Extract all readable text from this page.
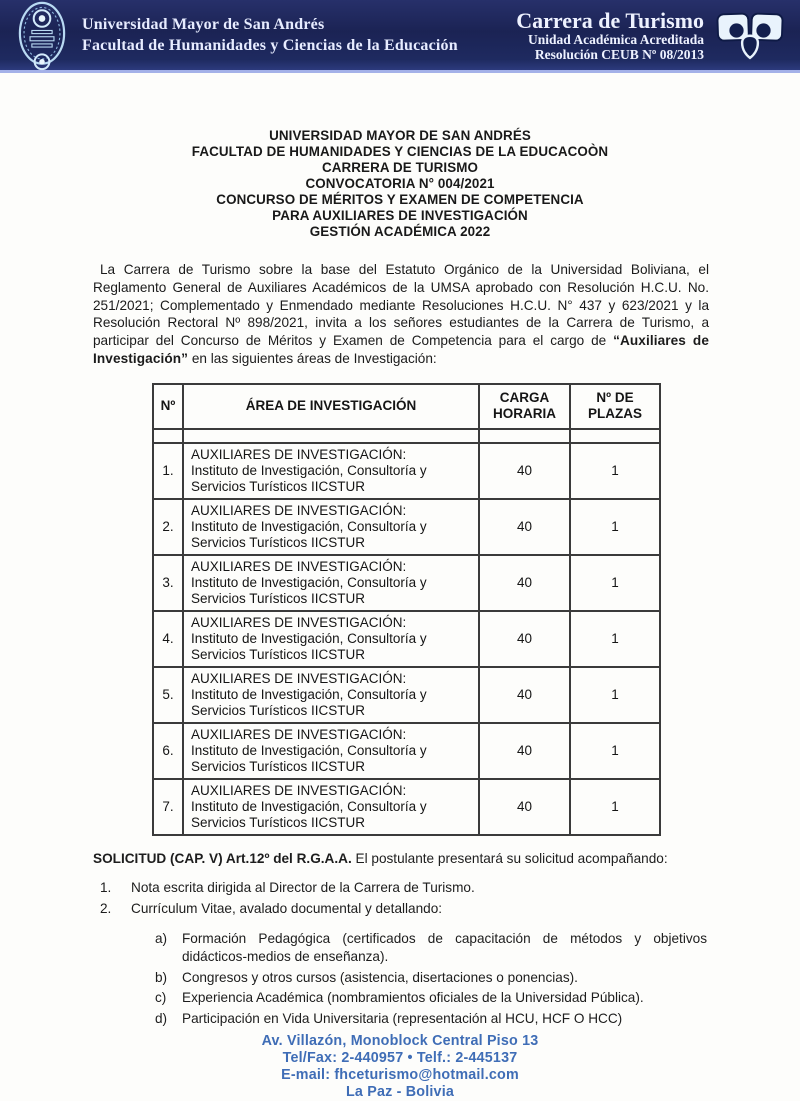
Universidad Mayor de San Andrés
Facultad de Humanidades y Ciencias de la Educación
Carrera de Turismo
Unidad Académica Acreditada
Resolución CEUB Nº 08/2013
UNIVERSIDAD MAYOR DE SAN ANDRÉS
FACULTAD DE HUMANIDADES Y CIENCIAS DE LA EDUCACOÒN
CARRERA DE TURISMO
CONVOCATORIA N° 004/2021
CONCURSO DE MÉRITOS Y EXAMEN DE COMPETENCIA
PARA AUXILIARES DE INVESTIGACIÓN
GESTIÓN ACADÉMICA 2022

La Carrera de Turismo sobre la base del Estatuto Orgánico de la Universidad Boliviana, el Reglamento General de Auxiliares Académicos de la UMSA aprobado con Resolución H.C.U. No. 251/2021; Complementado y Enmendado mediante Resoluciones H.C.U. N° 437 y 623/2021 y la Resolución Rectoral Nº 898/2021, invita a los señores estudiantes de la Carrera de Turismo, a participar del Concurso de Méritos y Examen de Competencia para el cargo de “Auxiliares de Investigación” en las siguientes áreas de Investigación:

Nº	ÁREA DE INVESTIGACIÓN	CARGA HORARIA	Nº DE PLAZAS

1.	AUXILIARES DE INVESTIGACIÓN:
Instituto de Investigación, Consultoría y Servicios Turísticos IICSTUR	40	1
2.	AUXILIARES DE INVESTIGACIÓN:
Instituto de Investigación, Consultoría y Servicios Turísticos IICSTUR	40	1
3.	AUXILIARES DE INVESTIGACIÓN:
Instituto de Investigación, Consultoría y Servicios Turísticos IICSTUR	40	1
4.	AUXILIARES DE INVESTIGACIÓN:
Instituto de Investigación, Consultoría y Servicios Turísticos IICSTUR	40	1
5.	AUXILIARES DE INVESTIGACIÓN:
Instituto de Investigación, Consultoría y Servicios Turísticos IICSTUR	40	1
6.	AUXILIARES DE INVESTIGACIÓN:
Instituto de Investigación, Consultoría y Servicios Turísticos IICSTUR	40	1
7.	AUXILIARES DE INVESTIGACIÓN:
Instituto de Investigación, Consultoría y Servicios Turísticos IICSTUR	40	1

SOLICITUD (CAP. V) Art.12º del R.G.A.A. El postulante presentará su solicitud acompañando:

1.	Nota escrita dirigida al Director de la Carrera de Turismo.
2.	Currículum Vitae, avalado documental y detallando:
a)	Formación Pedagógica (certificados de capacitación de métodos y objetivos didácticos-medios de enseñanza).
b)	Congresos y otros cursos (asistencia, disertaciones o ponencias).
c)	Experiencia Académica (nombramientos oficiales de la Universidad Pública).
d)	Participación en Vida Universitaria (representación al HCU, HCF O HCC)
Av. Villazón, Monoblock Central Piso 13
Tel/Fax: 2-440957 • Telf.: 2-445137
E-mail: fhceturismo@hotmail.com
La Paz - Bolivia
